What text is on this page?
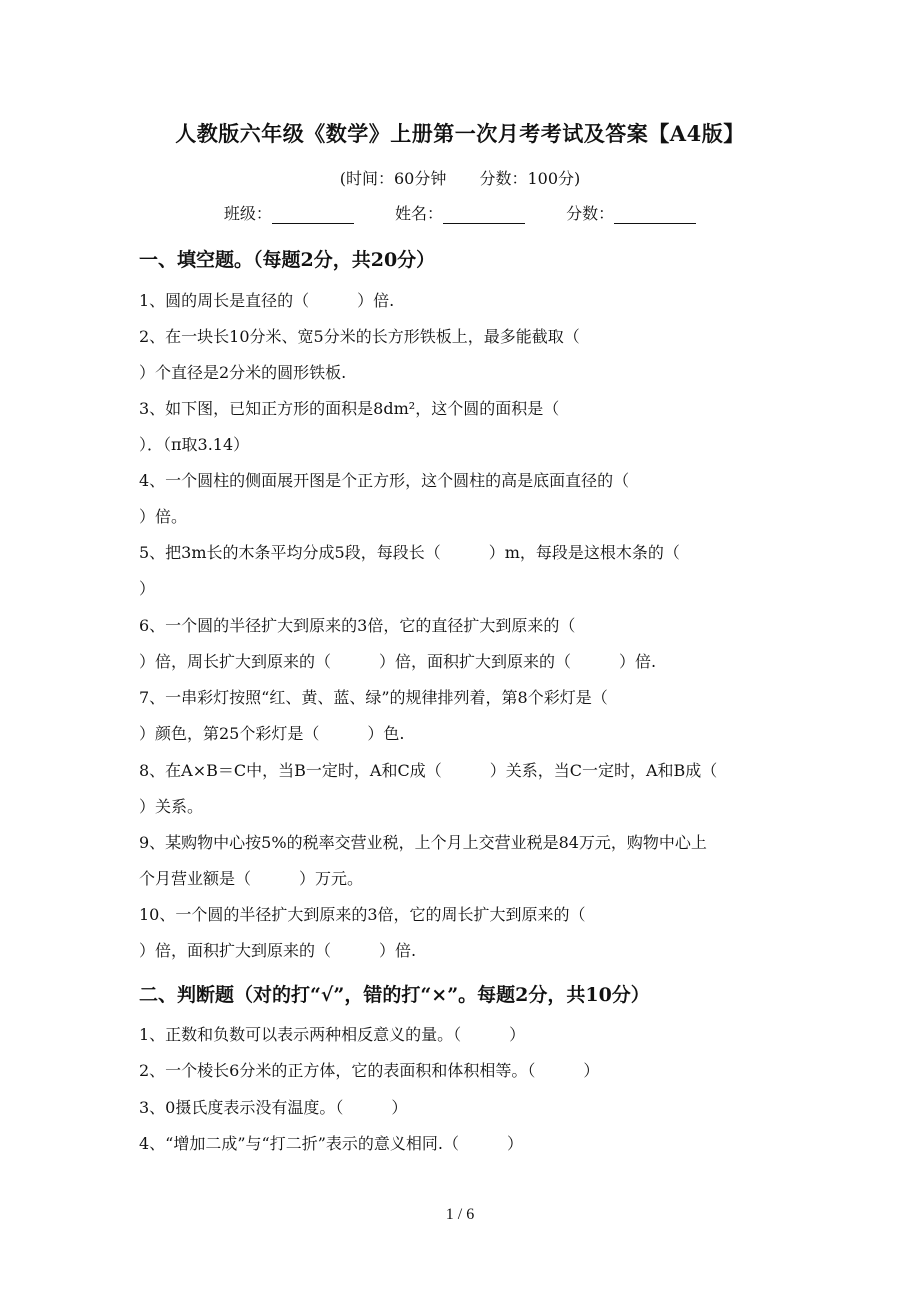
人教版六年级《数学》上册第一次月考考试及答案【A4版】
(时间：60分钟 分数：100分)
班级：	姓名：	分数：
一、填空题。（每题2分，共20分）
1、圆的周长是直径的（　　　）倍.
2、在一块长10分米、宽5分米的长方形铁板上，最多能截取（
）个直径是2分米的圆形铁板.
3、如下图，已知正方形的面积是8dm²，这个圆的面积是（
）．（π取3.14）
4、一个圆柱的侧面展开图是个正方形，这个圆柱的高是底面直径的（
）倍。
5、把3m长的木条平均分成5段，每段长（　　　）m，每段是这根木条的（
）
6、一个圆的半径扩大到原来的3倍，它的直径扩大到原来的（
）倍，周长扩大到原来的（　　　）倍，面积扩大到原来的（　　　）倍.
7、一串彩灯按照“红、黄、蓝、绿”的规律排列着，第8个彩灯是（
）颜色，第25个彩灯是（　　　）色.
8、在A×B＝C中，当B一定时，A和C成（　　　）关系，当C一定时，A和B成（
）关系。
9、某购物中心按5%的税率交营业税，上个月上交营业税是84万元，购物中心上
个月营业额是（　　　）万元。
10、一个圆的半径扩大到原来的3倍，它的周长扩大到原来的（
）倍，面积扩大到原来的（　　　）倍.
二、判断题（对的打“√”，错的打“×”。每题2分，共10分）
1、正数和负数可以表示两种相反意义的量。（　　　）
2、一个棱长6分米的正方体，它的表面积和体积相等。（　　　）
3、0摄氏度表示没有温度。（　　　）
4、“增加二成”与“打二折”表示的意义相同.（　　　）
1 / 6
